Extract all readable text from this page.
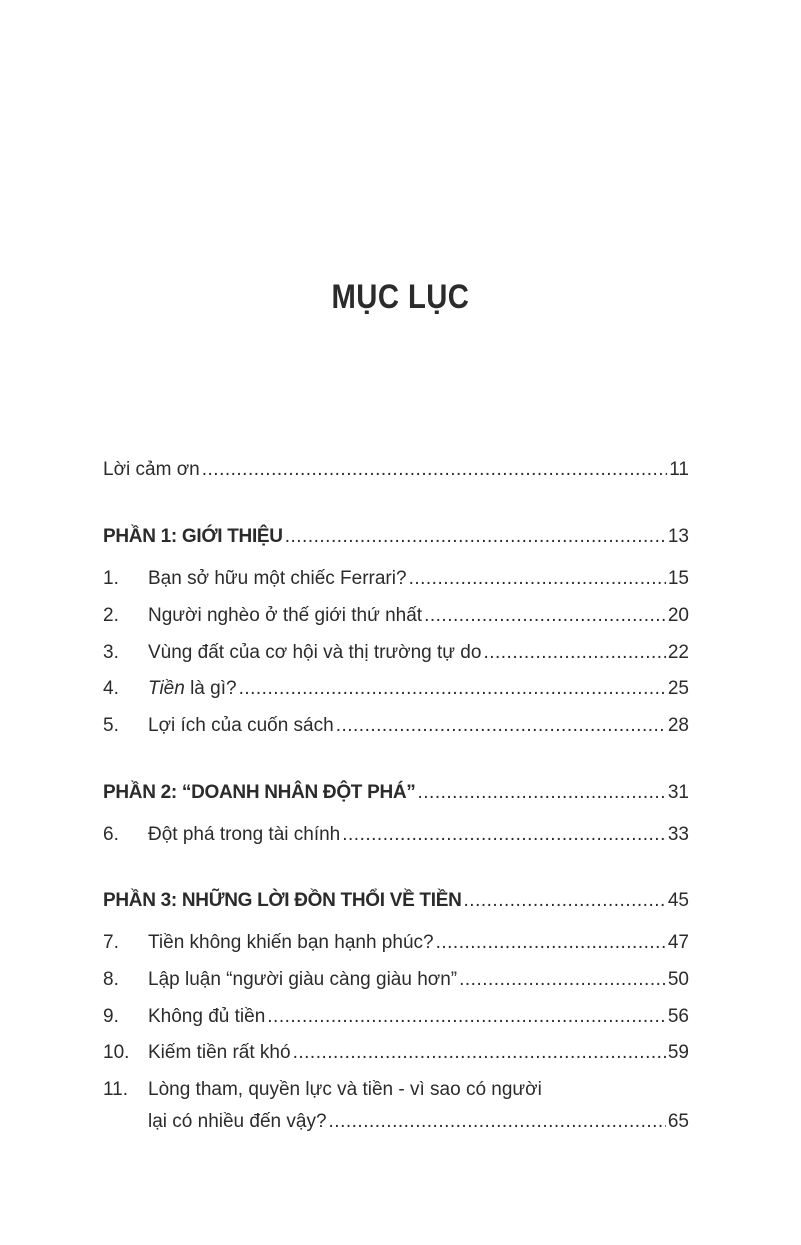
MỤC LỤC
Lời cảm ơn .....	11
PHẦN 1: GIỚI THIỆU .....	13
1.	Bạn sở hữu một chiếc Ferrari? .....	15
2.	Người nghèo ở thế giới thứ nhất .....	20
3.	Vùng đất của cơ hội và thị trường tự do .....	22
4.	Tiền là gì? .....	25
5.	Lợi ích của cuốn sách .....	28
PHẦN 2: “DOANH NHÂN ĐỘT PHÁ” .....	31
6.	Đột phá trong tài chính .....	33
PHẦN 3: NHỮNG LỜI ĐỒN THỔI VỀ TIỀN .....	45
7.	Tiền không khiến bạn hạnh phúc? .....	47
8.	Lập luận “người giàu càng giàu hơn” .....	50
9.	Không đủ tiền .....	56
10. Kiếm tiền rất khó .....	59
11. Lòng tham, quyền lực và tiền - vì sao có người
lại có nhiều đến vậy? .....	65
